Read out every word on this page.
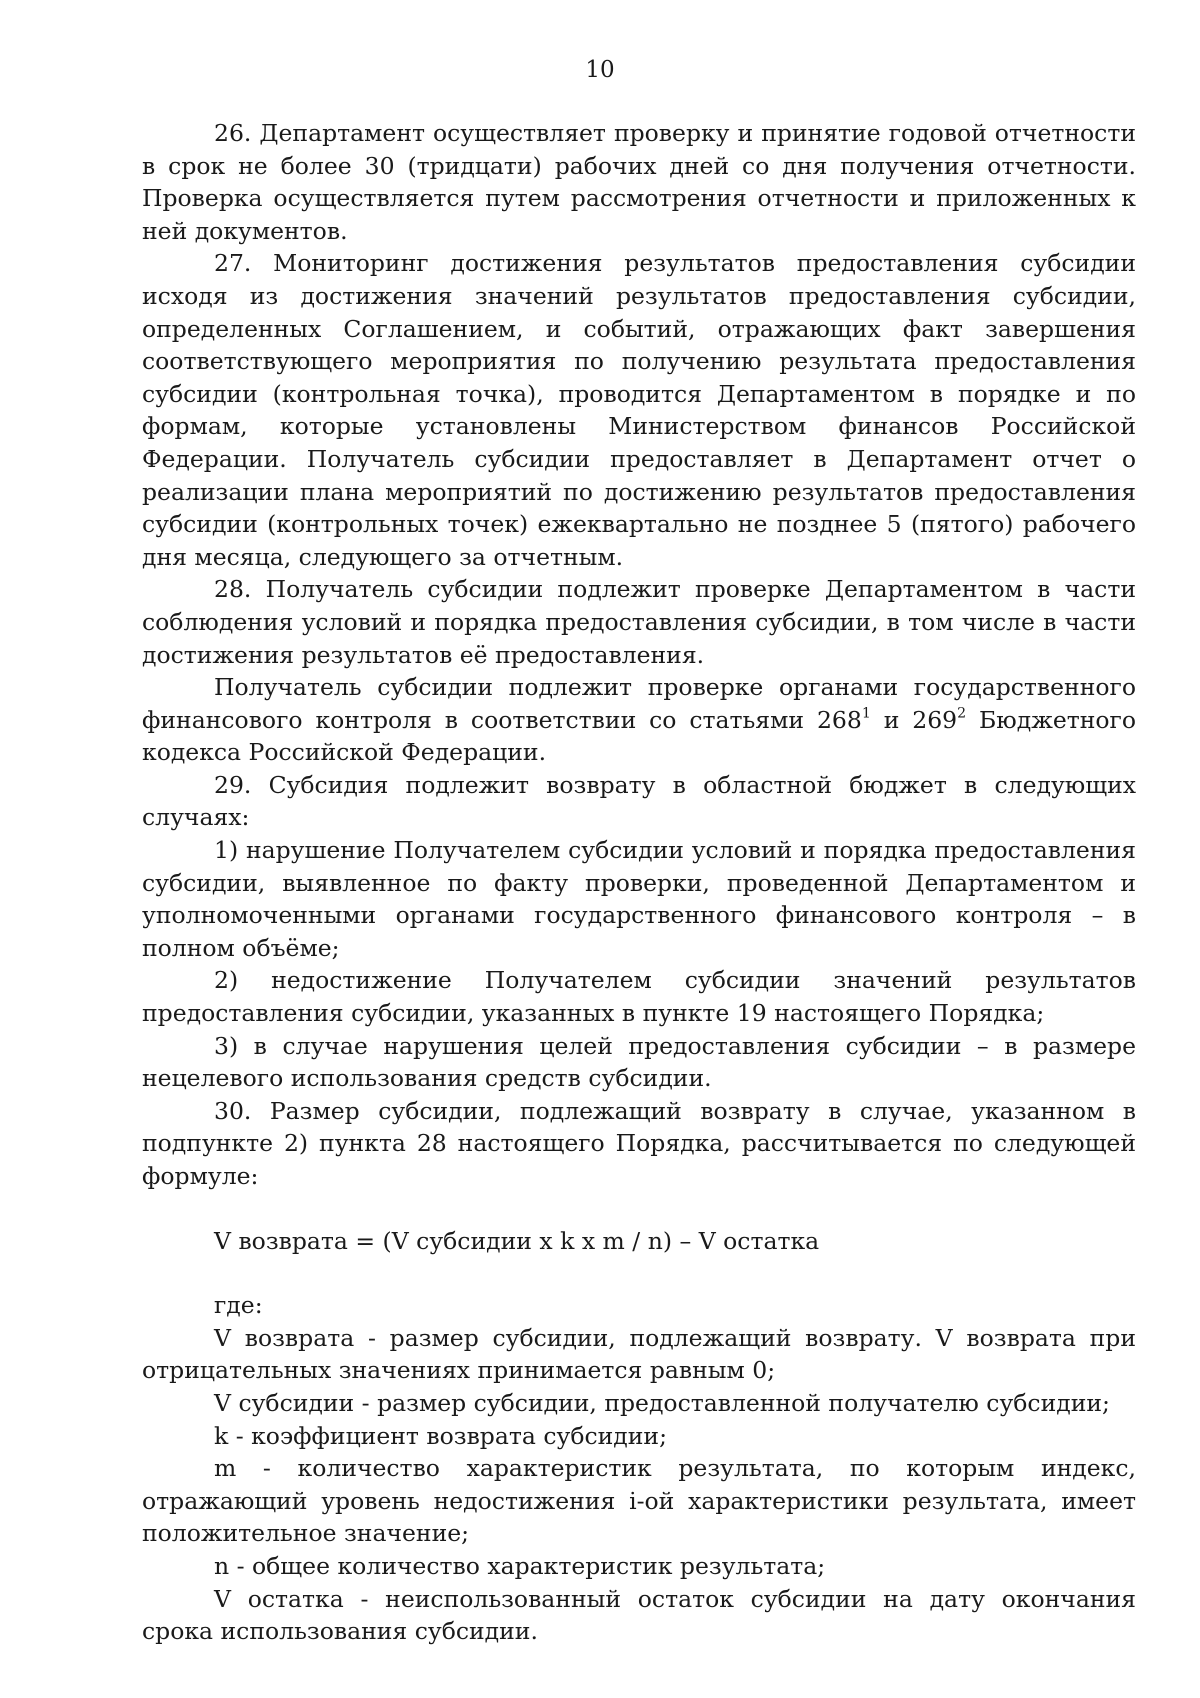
10

26. Департамент осуществляет проверку и принятие годовой отчетности в срок не более 30 (тридцати) рабочих дней со дня получения отчетности. Проверка осуществляется путем рассмотрения отчетности и приложенных к ней документов.

27. Мониторинг достижения результатов предоставления субсидии исходя из достижения значений результатов предоставления субсидии, определенных Соглашением, и событий, отражающих факт завершения соответствующего мероприятия по получению результата предоставления субсидии (контрольная точка), проводится Департаментом в порядке и по формам, которые установлены Министерством финансов Российской Федерации. Получатель субсидии предоставляет в Департамент отчет о реализации плана мероприятий по достижению результатов предоставления субсидии (контрольных точек) ежеквартально не позднее 5 (пятого) рабочего дня месяца, следующего за отчетным.

28. Получатель субсидии подлежит проверке Департаментом в части соблюдения условий и порядка предоставления субсидии, в том числе в части достижения результатов её предоставления.

Получатель субсидии подлежит проверке органами государственного финансового контроля в соответствии со статьями $268^1$ и $269^2$ Бюджетного кодекса Российской Федерации.

29. Субсидия подлежит возврату в областной бюджет в следующих случаях:

1) нарушение Получателем субсидии условий и порядка предоставления субсидии, выявленное по факту проверки, проведенной Департаментом и уполномоченными органами государственного финансового контроля – в полном объёме;

2) недостижение Получателем субсидии значений результатов предоставления субсидии, указанных в пункте 19 настоящего Порядка;

3) в случае нарушения целей предоставления субсидии – в размере нецелевого использования средств субсидии.

30. Размер субсидии, подлежащий возврату в случае, указанном в подпункте 2) пункта 28 настоящего Порядка, рассчитывается по следующей формуле:

V возврата = (V субсидии x k x m / n) – V остатка

где:

V возврата - размер субсидии, подлежащий возврату. V возврата при отрицательных значениях принимается равным 0;

V субсидии - размер субсидии, предоставленной получателю субсидии;

k - коэффициент возврата субсидии;

m - количество характеристик результата, по которым индекс, отражающий уровень недостижения i-ой характеристики результата, имеет положительное значение;

n - общее количество характеристик результата;

V остатка - неиспользованный остаток субсидии на дату окончания срока использования субсидии.
